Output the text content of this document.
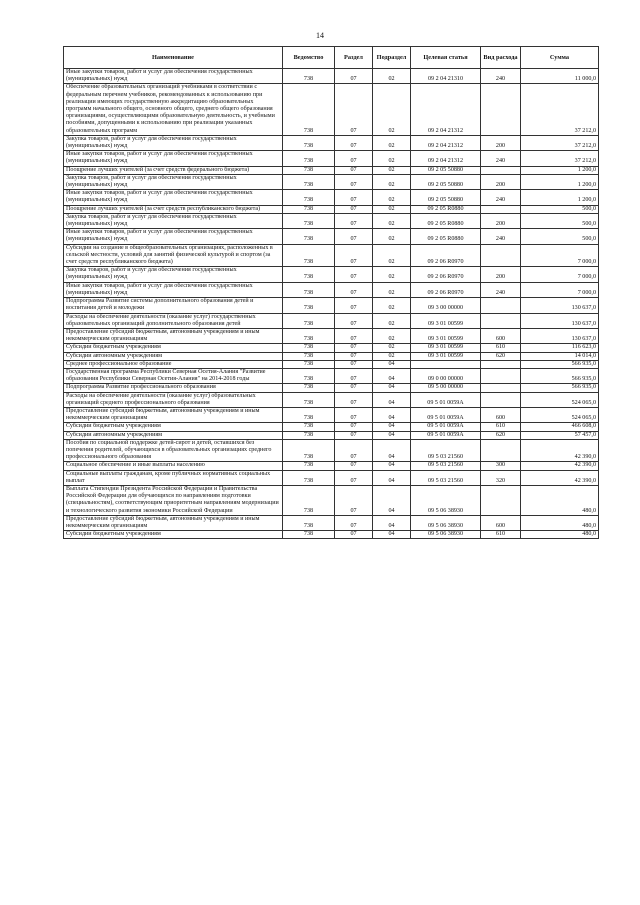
14
Наименование	Ведомство	Раздел	Подраздел	Целевая статья	Вид расхода	Сумма
Иные закупки товаров, работ и услуг для обеспечения государственных (муниципальных) нужд	738	07	02	09 2 04 21310	240	11 000,0
Обеспечение образовательных организаций учебниками в соответствии с федеральным перечнем учебников, рекомендованных к использованию при реализации имеющих государственную аккредитацию образовательных программ начального общего, основного общего, среднего общего образования организациями, осуществляющими образовательную деятельность, и учебными пособиями, допущенными к использованию при реализации указанных образовательных программ	738	07	02	09 2 04 21312		37 212,0
Закупка товаров, работ и услуг для обеспечения государственных (муниципальных) нужд	738	07	02	09 2 04 21312	200	37 212,0
Иные закупки товаров, работ и услуг для обеспечения государственных (муниципальных) нужд	738	07	02	09 2 04 21312	240	37 212,0
Поощрение лучших учителей (за счет средств федерального бюджета)	738	07	02	09 2 05 50880		1 200,0
Закупка товаров, работ и услуг для обеспечения государственных (муниципальных) нужд	738	07	02	09 2 05 50880	200	1 200,0
Иные закупки товаров, работ и услуг для обеспечения государственных (муниципальных) нужд	738	07	02	09 2 05 50880	240	1 200,0
Поощрение лучших учителей (за счет средств республиканского бюджета)	738	07	02	09 2 05 R0880		500,0
Закупка товаров, работ и услуг для обеспечения государственных (муниципальных) нужд	738	07	02	09 2 05 R0880	200	500,0
Иные закупки товаров, работ и услуг для обеспечения государственных (муниципальных) нужд	738	07	02	09 2 05 R0880	240	500,0
Субсидии на создание в общеобразовательных организациях, расположенных в сельской местности, условий для занятий физической культурой и спортом (за счет средств республиканского бюджета)	738	07	02	09 2 06 R0970		7 000,0
Закупка товаров, работ и услуг для обеспечения государственных (муниципальных) нужд	738	07	02	09 2 06 R0970	200	7 000,0
Иные закупки товаров, работ и услуг для обеспечения государственных (муниципальных) нужд	738	07	02	09 2 06 R0970	240	7 000,0
Подпрограмма Развитие системы дополнительного образования детей и воспитания детей и молодежи	738	07	02	09 3 00 00000		130 637,0
Расходы на обеспечение деятельности (оказание услуг) государственных образовательных организаций дополнительного образования детей	738	07	02	09 3 01 00599		130 637,0
Предоставление субсидий бюджетным, автономным учреждениям и иным некоммерческим организациям	738	07	02	09 3 01 00599	600	130 637,0
Субсидии бюджетным учреждениям	738	07	02	09 3 01 00599	610	116 623,0
Субсидии автономным учреждениям	738	07	02	09 3 01 00599	620	14 014,0
Среднее профессиональное образование	738	07	04			566 935,0
Государственная программа Республики Северная Осетия-Алания "Развитие образования Республики Северная Осетия-Алания" на 2014-2018 годы	738	07	04	09 0 00 00000		566 935,0
Подпрограмма Развитие профессионального образования	738	07	04	09 5 00 00000		566 935,0
Расходы на обеспечение деятельности (оказание услуг) образовательных организаций среднего профессионального образования	738	07	04	09 5 01 0059А		524 065,0
Предоставление субсидий бюджетным, автономным учреждениям и иным некоммерческим организациям	738	07	04	09 5 01 0059А	600	524 065,0
Субсидии бюджетным учреждениям	738	07	04	09 5 01 0059А	610	466 608,0
Субсидии автономным учреждениям	738	07	04	09 5 01 0059А	620	57 457,0
Пособия по социальной поддержке детей-сирот и детей, оставшихся без попечения родителей, обучающихся в образовательных организациях среднего профессионального образования	738	07	04	09 5 03 21560		42 390,0
Социальное обеспечение и иные выплаты населению	738	07	04	09 5 03 21560	300	42 390,0
Социальные выплаты гражданам, кроме публичных нормативных социальных выплат	738	07	04	09 5 03 21560	320	42 390,0
Выплата Стипендии Президента Российской Федерации и Правительства Российской Федерации для обучающихся по направлениям подготовки (специальностям), соответствующим приоритетным направлениям модернизации и технологического развития экономики Российской Федерации	738	07	04	09 5 06 38930		480,0
Предоставление субсидий бюджетным, автономным учреждениям и иным некоммерческим организациям	738	07	04	09 5 06 38930	600	480,0
Субсидии бюджетным учреждениям	738	07	04	09 5 06 38930	610	480,0
